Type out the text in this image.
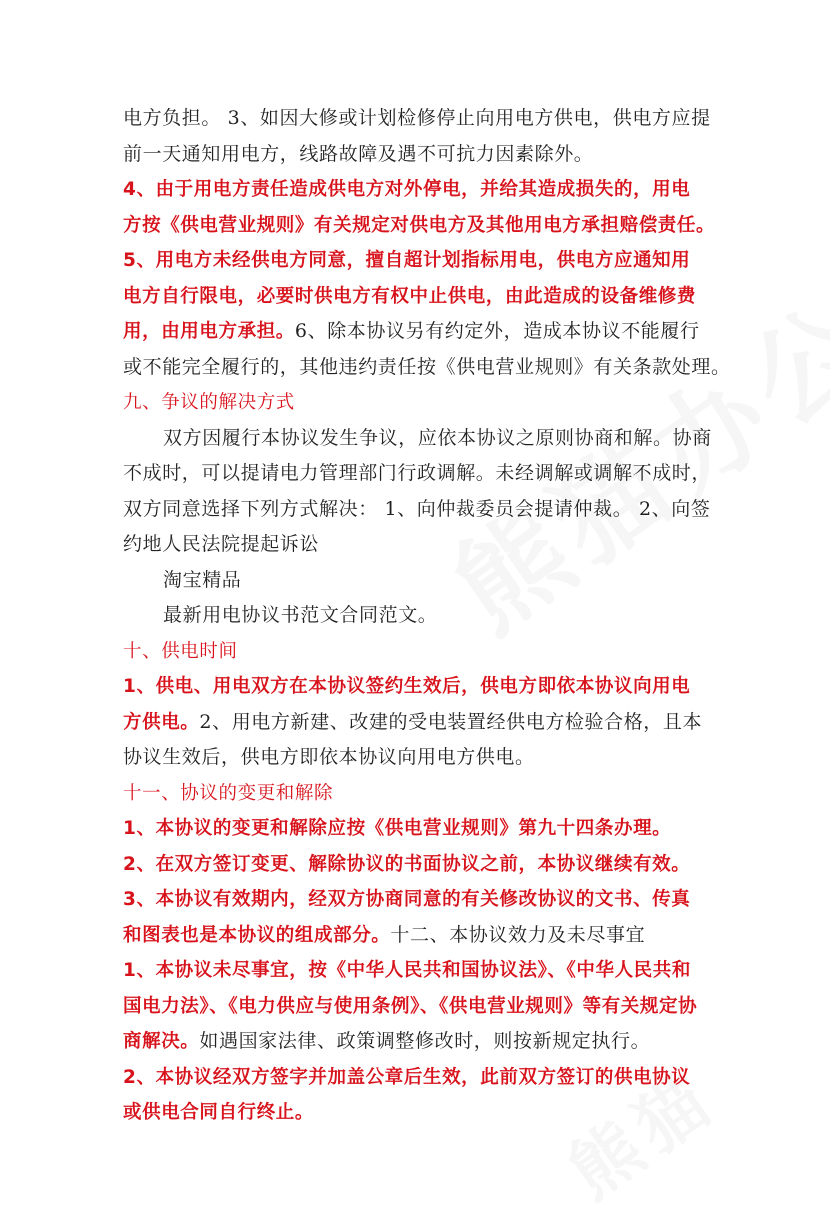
电方负担。 3、如因大修或计划检修停止向用电方供电，供电方应提
前一天通知用电方，线路故障及遇不可抗力因素除外。
4、由于用电方责任造成供电方对外停电，并给其造成损失的，用电
方按《供电营业规则》有关规定对供电方及其他用电方承担赔偿责任。
5、用电方未经供电方同意，擅自超计划指标用电，供电方应通知用
电方自行限电，必要时供电方有权中止供电，由此造成的设备维修费
用，由用电方承担。6、除本协议另有约定外，造成本协议不能履行
或不能完全履行的，其他违约责任按《供电营业规则》有关条款处理。
九、争议的解决方式
双方因履行本协议发生争议，应依本协议之原则协商和解。协商
不成时，可以提请电力管理部门行政调解。未经调解或调解不成时，
双方同意选择下列方式解决： 1、向仲裁委员会提请仲裁。 2、向签
约地人民法院提起诉讼
淘宝精品
最新用电协议书范文合同范文。
十、供电时间
1、供电、用电双方在本协议签约生效后，供电方即依本协议向用电
方供电。2、用电方新建、改建的受电装置经供电方检验合格，且本
协议生效后，供电方即依本协议向用电方供电。
十一、协议的变更和解除
1、本协议的变更和解除应按《供电营业规则》第九十四条办理。
2、在双方签订变更、解除协议的书面协议之前，本协议继续有效。
3、本协议有效期内，经双方协商同意的有关修改协议的文书、传真
和图表也是本协议的组成部分。十二、本协议效力及未尽事宜
1、本协议未尽事宜，按《中华人民共和国协议法》、《中华人民共和
国电力法》、《电力供应与使用条例》、《供电营业规则》等有关规定协
商解决。如遇国家法律、政策调整修改时，则按新规定执行。
2、本协议经双方签字并加盖公章后生效，此前双方签订的供电协议
或供电合同自行终止。
